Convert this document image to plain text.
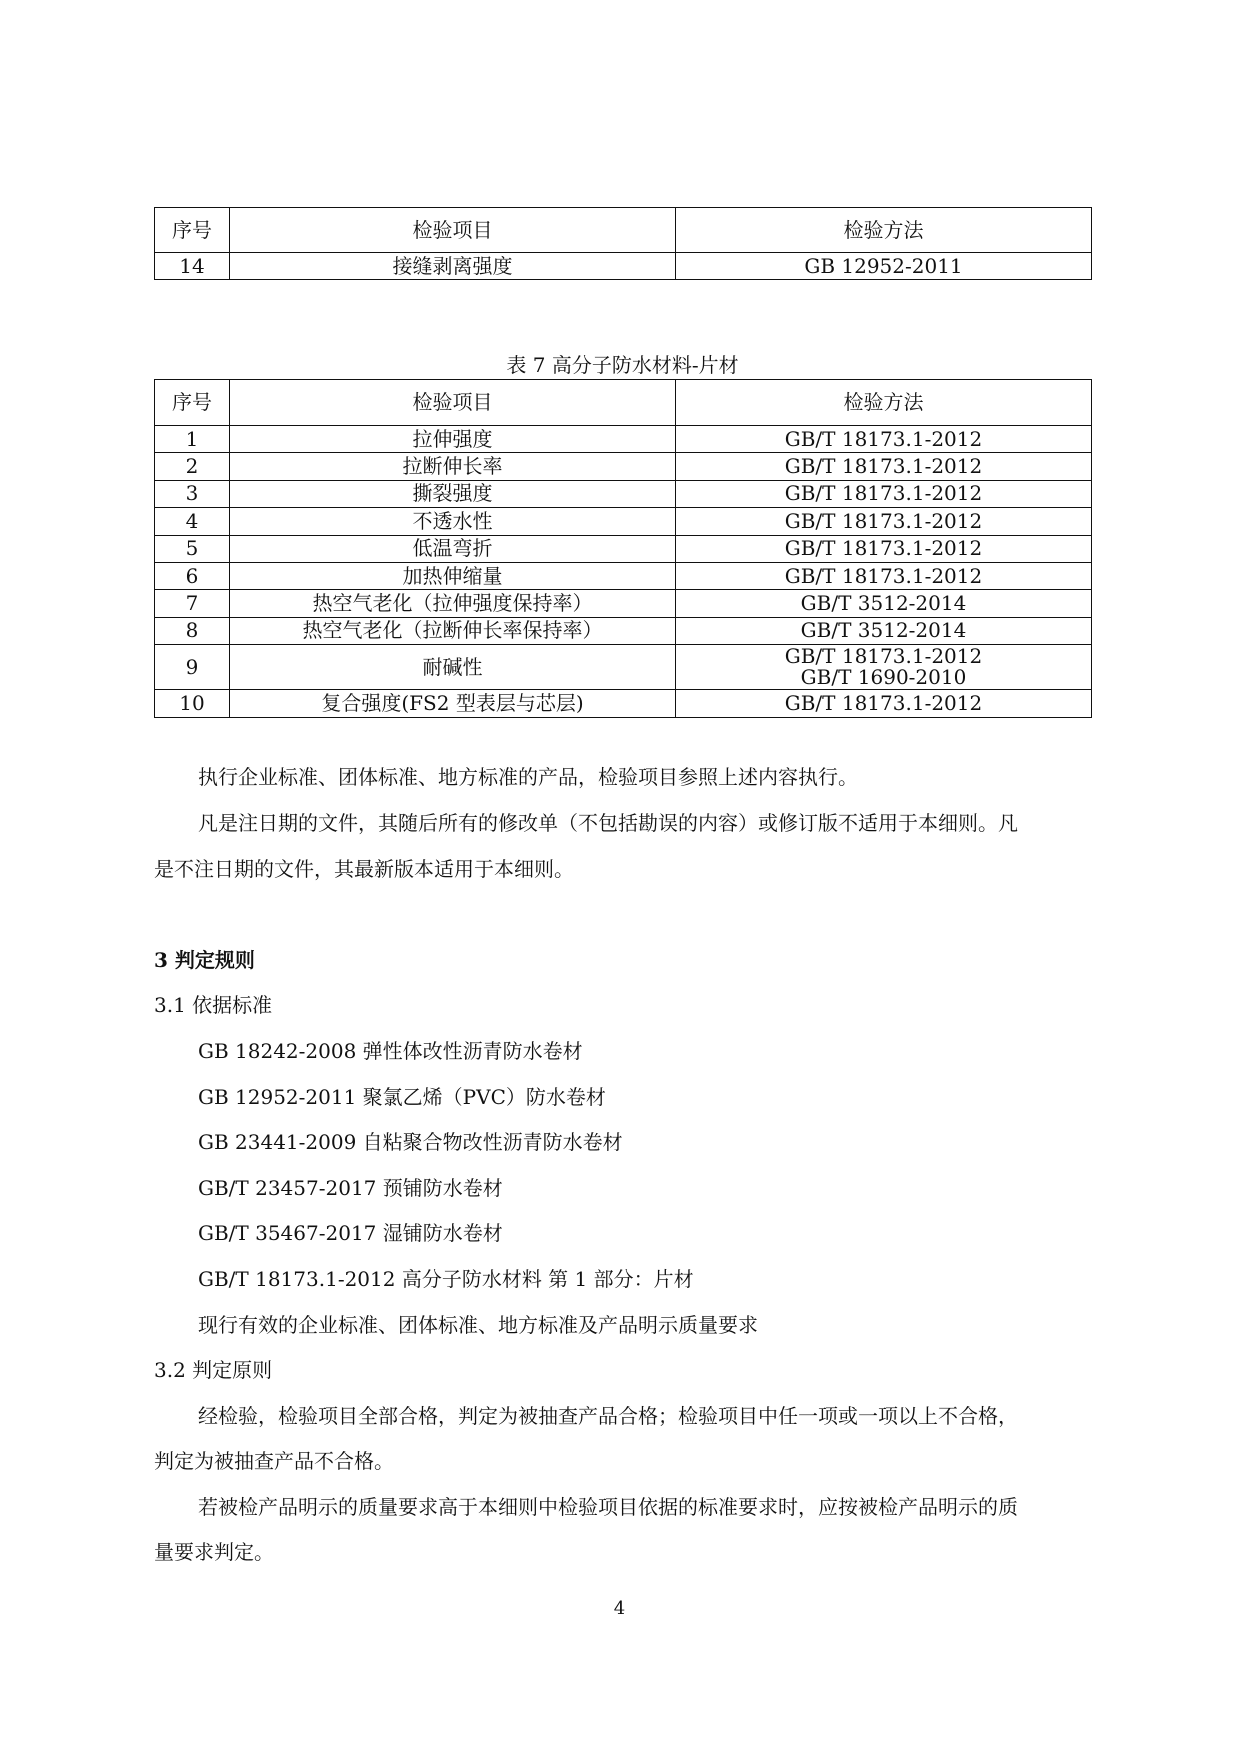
序号	检验项目	检验方法
14	接缝剥离强度	GB 12952-2011
表 7 高分子防水材料-片材
序号	检验项目	检验方法
1	拉伸强度	GB/T 18173.1-2012
2	拉断伸长率	GB/T 18173.1-2012
3	撕裂强度	GB/T 18173.1-2012
4	不透水性	GB/T 18173.1-2012
5	低温弯折	GB/T 18173.1-2012
6	加热伸缩量	GB/T 18173.1-2012
7	热空气老化（拉伸强度保持率）	GB/T 3512-2014
8	热空气老化（拉断伸长率保持率）	GB/T 3512-2014
9	耐碱性	GB/T 18173.1-2012
GB/T 1690-2010

10	复合强度(FS2 型表层与芯层)	GB/T 18173.1-2012
执行企业标准、团体标准、地方标准的产品，检验项目参照上述内容执行。
凡是注日期的文件，其随后所有的修改单（不包括勘误的内容）或修订版不适用于本细则。凡
是不注日期的文件，其最新版本适用于本细则。
3 判定规则
3.1 依据标准
GB 18242-2008 弹性体改性沥青防水卷材
GB 12952-2011 聚氯乙烯（PVC）防水卷材
GB 23441-2009 自粘聚合物改性沥青防水卷材
GB/T 23457-2017 预铺防水卷材
GB/T 35467-2017 湿铺防水卷材
GB/T 18173.1-2012 高分子防水材料 第 1 部分：片材
现行有效的企业标准、团体标准、地方标准及产品明示质量要求
3.2 判定原则
经检验，检验项目全部合格，判定为被抽查产品合格；检验项目中任一项或一项以上不合格，
判定为被抽查产品不合格。
若被检产品明示的质量要求高于本细则中检验项目依据的标准要求时，应按被检产品明示的质
量要求判定。
4
